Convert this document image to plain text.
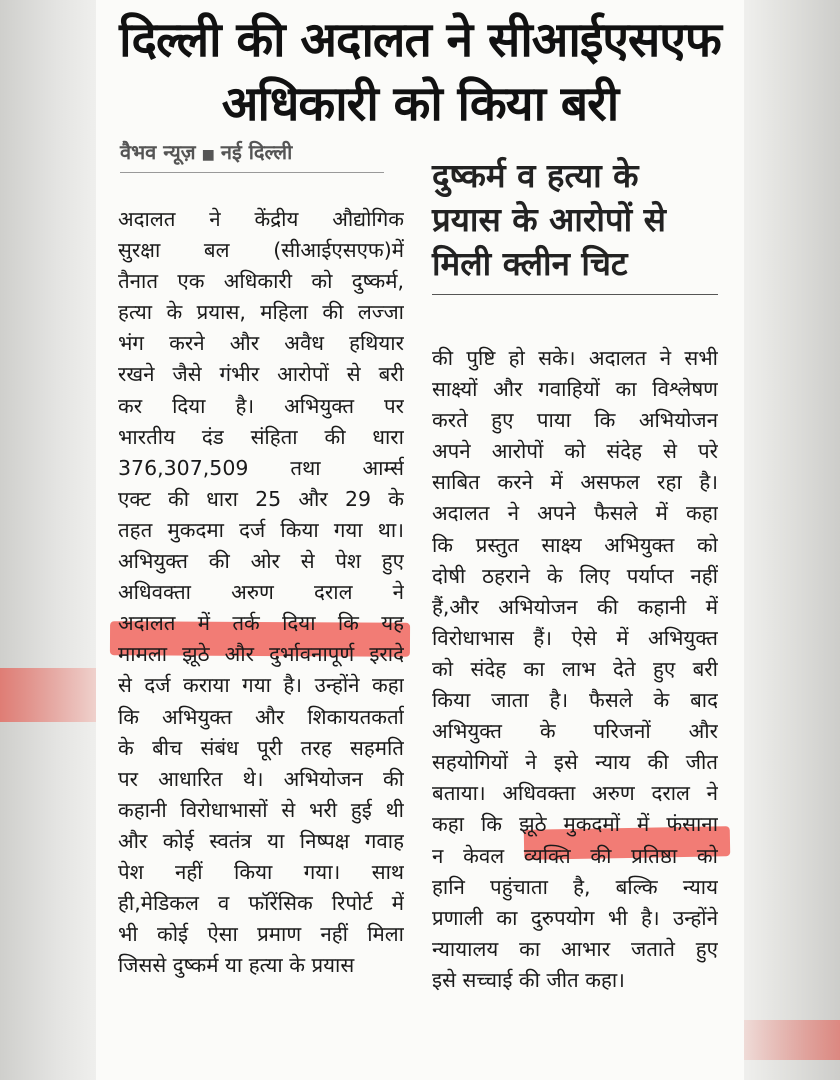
दिल्ली की अदालत ने सीआईएसएफ
अधिकारी को किया बरी
वैभव न्यूज़ ■ नई दिल्ली
दुष्कर्म व हत्या के
प्रयास के आरोपों से
मिली क्लीन चिट
अदालत ने केंद्रीय औद्योगिक
सुरक्षा बल (सीआईएसएफ)में
तैनात एक अधिकारी को दुष्कर्म,
हत्या के प्रयास, महिला की लज्जा
भंग करने और अवैध हथियार
रखने जैसे गंभीर आरोपों से बरी
कर दिया है। अभियुक्त पर
भारतीय दंड संहिता की धारा
376,307,509 तथा आर्म्स
एक्ट की धारा 25 और 29 के
तहत मुकदमा दर्ज किया गया था।
अभियुक्त की ओर से पेश हुए
अधिवक्ता अरुण दराल ने
अदालत में तर्क दिया कि यह
मामला झूठे और दुर्भावनापूर्ण इरादे
से दर्ज कराया गया है। उन्होंने कहा
कि अभियुक्त और शिकायतकर्ता
के बीच संबंध पूरी तरह सहमति
पर आधारित थे। अभियोजन की
कहानी विरोधाभासों से भरी हुई थी
और कोई स्वतंत्र या निष्पक्ष गवाह
पेश नहीं किया गया। साथ
ही,मेडिकल व फॉरेंसिक रिपोर्ट में
भी कोई ऐसा प्रमाण नहीं मिला
जिससे दुष्कर्म या हत्या के प्रयास
की पुष्टि हो सके। अदालत ने सभी
साक्ष्यों और गवाहियों का विश्लेषण
करते हुए पाया कि अभियोजन
अपने आरोपों को संदेह से परे
साबित करने में असफल रहा है।
अदालत ने अपने फैसले में कहा
कि प्रस्तुत साक्ष्य अभियुक्त को
दोषी ठहराने के लिए पर्याप्त नहीं
हैं,और अभियोजन की कहानी में
विरोधाभास हैं। ऐसे में अभियुक्त
को संदेह का लाभ देते हुए बरी
किया जाता है। फैसले के बाद
अभियुक्त के परिजनों और
सहयोगियों ने इसे न्याय की जीत
बताया। अधिवक्ता अरुण दराल ने
कहा कि झूठे मुकदमों में फंसाना
न केवल व्यक्ति की प्रतिष्ठा को
हानि पहुंचाता है, बल्कि न्याय
प्रणाली का दुरुपयोग भी है। उन्होंने
न्यायालय का आभार जताते हुए
इसे सच्चाई की जीत कहा।
